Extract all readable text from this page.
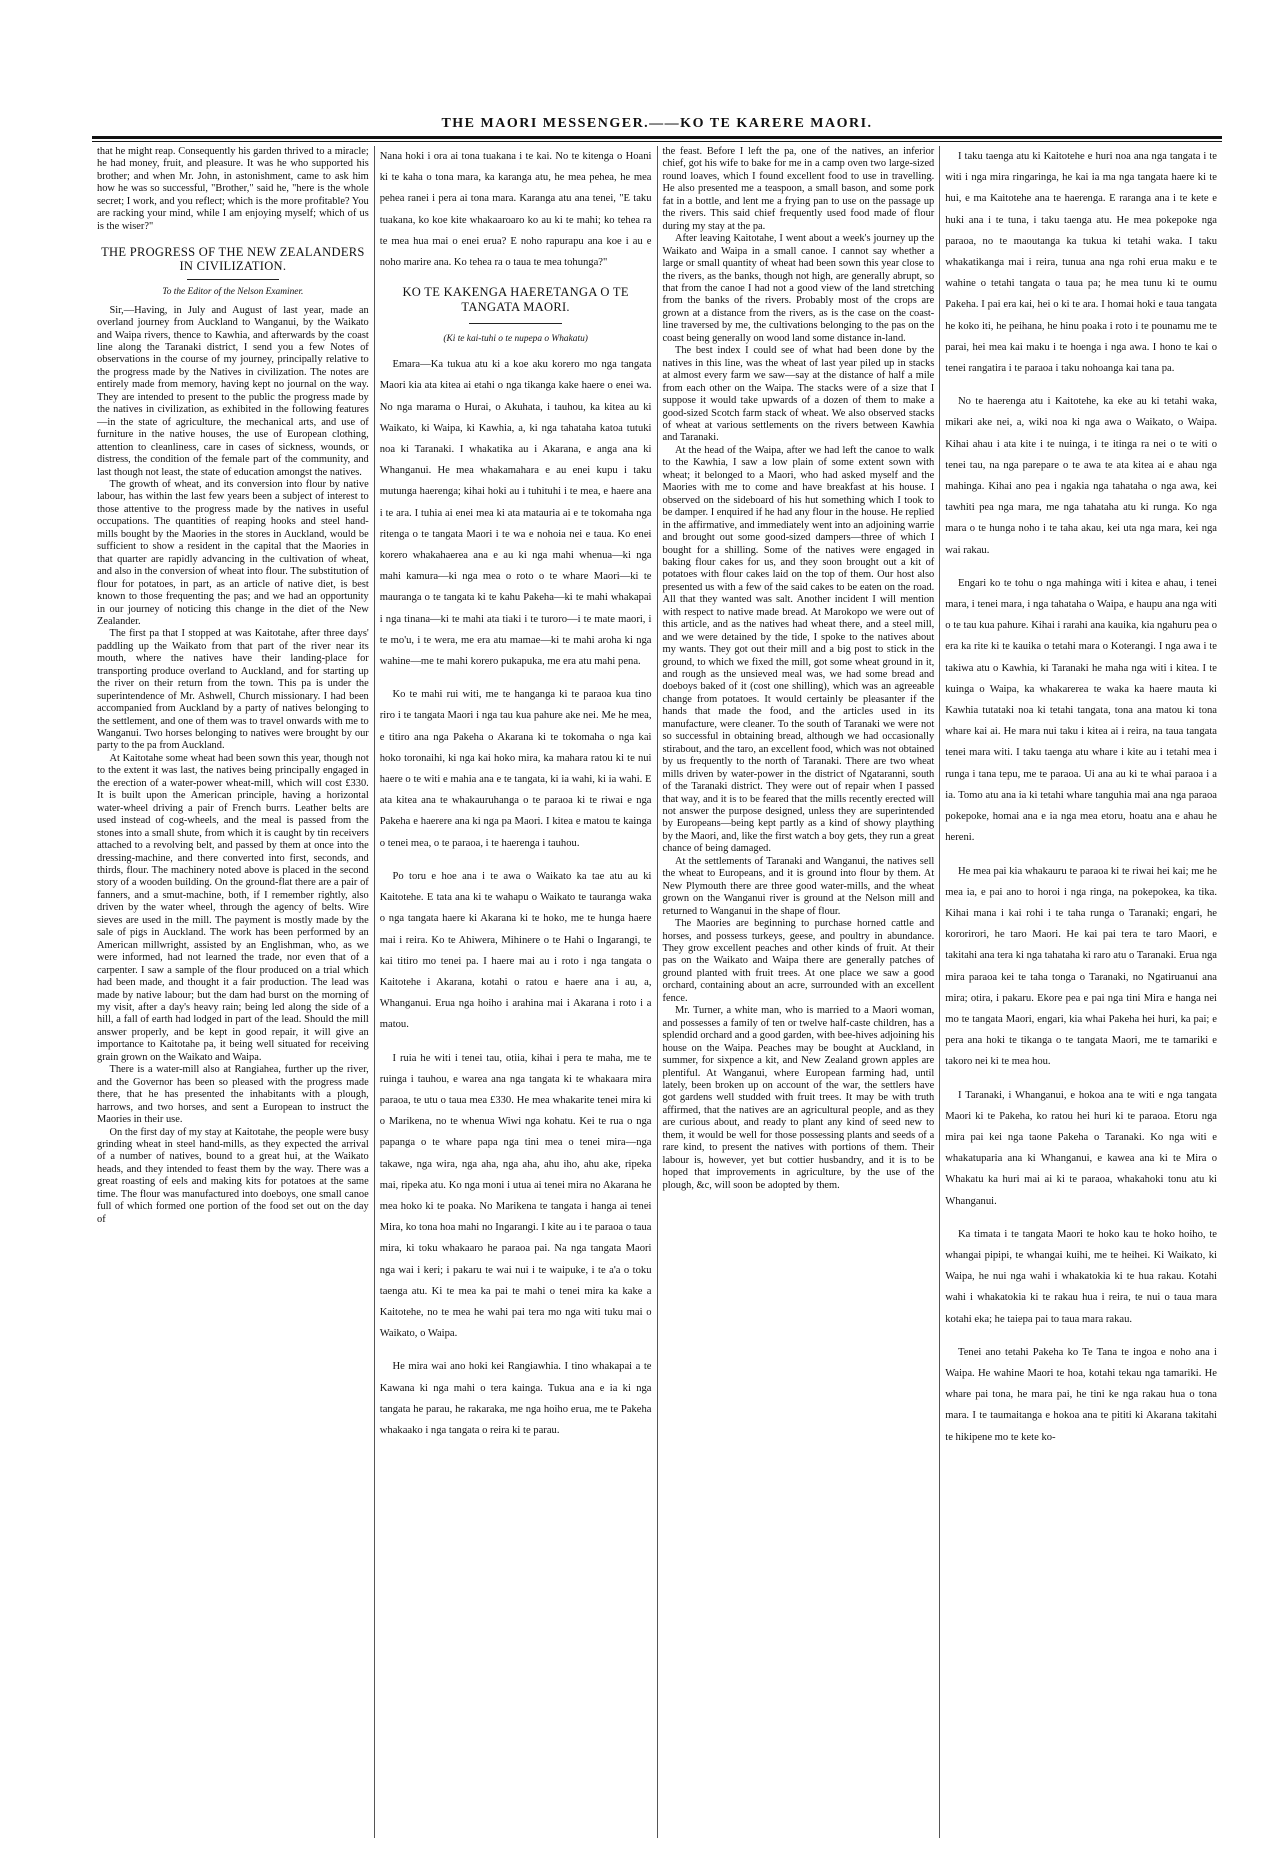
THE MAORI MESSENGER.——KO TE KARERE MAORI.

that he might reap. Consequently his garden thrived to a miracle; he had money, fruit, and pleasure. It was he who supported his brother; and when Mr. John, in astonishment, came to ask him how he was so successful, "Brother," said he, "here is the whole secret; I work, and you reflect; which is the more profitable? You are racking your mind, while I am enjoying myself; which of us is the wiser?"

THE PROGRESS OF THE NEW ZEALANDERS IN CIVILIZATION.
To the Editor of the Nelson Examiner.

Sir,—Having, in July and August of last year, made an overland journey from Auckland to Wanganui, by the Waikato and Waipa rivers, thence to Kawhia, and afterwards by the coast line along the Taranaki district, I send you a few Notes of observations in the course of my journey, principally relative to the progress made by the Natives in civilization. The notes are entirely made from memory, having kept no journal on the way. They are intended to present to the public the progress made by the natives in civilization, as exhibited in the following features—in the state of agriculture, the mechanical arts, and use of furniture in the native houses, the use of European clothing, attention to cleanliness, care in cases of sickness, wounds, or distress, the condition of the female part of the community, and last though not least, the state of education amongst the natives.

The growth of wheat, and its conversion into flour by native labour, has within the last few years been a subject of interest to those attentive to the progress made by the natives in useful occupations. The quantities of reaping hooks and steel hand-mills bought by the Maories in the stores in Auckland, would be sufficient to show a resident in the capital that the Maories in that quarter are rapidly advancing in the cultivation of wheat, and also in the conversion of wheat into flour. The substitution of flour for potatoes, in part, as an article of native diet, is best known to those frequenting the pas; and we had an opportunity in our journey of noticing this change in the diet of the New Zealander.

The first pa that I stopped at was Kaitotahe, after three days' paddling up the Waikato from that part of the river near its mouth, where the natives have their landing-place for transporting produce overland to Auckland, and for starting up the river on their return from the town. This pa is under the superintendence of Mr. Ashwell, Church missionary. I had been accompanied from Auckland by a party of natives belonging to the settlement, and one of them was to travel onwards with me to Wanganui. Two horses belonging to natives were brought by our party to the pa from Auckland.

At Kaitotahe some wheat had been sown this year, though not to the extent it was last, the natives being principally engaged in the erection of a water-power wheat-mill, which will cost £330. It is built upon the American principle, having a horizontal water-wheel driving a pair of French burrs. Leather belts are used instead of cog-wheels, and the meal is passed from the stones into a small shute, from which it is caught by tin receivers attached to a revolving belt, and passed by them at once into the dressing-machine, and there converted into first, seconds, and thirds, flour. The machinery noted above is placed in the second story of a wooden building. On the ground-flat there are a pair of fanners, and a smut-machine, both, if I remember rightly, also driven by the water wheel, through the agency of belts. Wire sieves are used in the mill. The payment is mostly made by the sale of pigs in Auckland. The work has been performed by an American millwright, assisted by an Englishman, who, as we were informed, had not learned the trade, nor even that of a carpenter. I saw a sample of the flour produced on a trial which had been made, and thought it a fair production. The lead was made by native labour; but the dam had burst on the morning of my visit, after a day's heavy rain; being led along the side of a hill, a fall of earth had lodged in part of the lead. Should the mill answer properly, and be kept in good repair, it will give an importance to Kaitotahe pa, it being well situated for receiving grain grown on the Waikato and Waipa.

There is a water-mill also at Rangiahea, further up the river, and the Governor has been so pleased with the progress made there, that he has presented the inhabitants with a plough, harrows, and two horses, and sent a European to instruct the Maories in their use.

On the first day of my stay at Kaitotahe, the people were busy grinding wheat in steel hand-mills, as they expected the arrival of a number of natives, bound to a great hui, at the Waikato heads, and they intended to feast them by the way. There was a great roasting of eels and making kits for potatoes at the same time. The flour was manufactured into doeboys, one small canoe full of which formed one portion of the food set out on the day of

Nana hoki i ora ai tona tuakana i te kai. No te kitenga o Hoani ki te kaha o tona mara, ka karanga atu, he mea pehea, he mea pehea ranei i pera ai tona mara. Karanga atu ana tenei, "E taku tuakana, ko koe kite whakaaroaro ko au ki te mahi; ko tehea ra te mea hua mai o enei erua? E noho rapurapu ana koe i au e noho marire ana. Ko tehea ra o taua te mea tohunga?"

KO TE KAKENGA HAERETANGA O TE TANGATA MAORI.
(Ki te kai-tuhi o te nupepa o Whakatu)

Emara—Ka tukua atu ki a koe aku korero mo nga tangata Maori kia ata kitea ai etahi o nga tikanga kake haere o enei wa. No nga marama o Hurai, o Akuhata, i tauhou, ka kitea au ki Waikato, ki Waipa, ki Kawhia, a, ki nga tahataha katoa tutuki noa ki Taranaki. I whakatika au i Akarana, e anga ana ki Whanganui. He mea whakamahara e au enei kupu i taku mutunga haerenga; kihai hoki au i tuhituhi i te mea, e haere ana i te ara. I tuhia ai enei mea ki ata matauria ai e te tokomaha nga ritenga o te tangata Maori i te wa e nohoia nei e taua. Ko enei korero whakahaerea ana e au ki nga mahi whenua—ki nga mahi kamura—ki nga mea o roto o te whare Maori—ki te mauranga o te tangata ki te kahu Pakeha—ki te mahi whakapai i nga tinana—ki te mahi ata tiaki i te turoro—i te mate maori, i te mo'u, i te wera, me era atu mamae—ki te mahi aroha ki nga wahine—me te mahi korero pukapuka, me era atu mahi pena.

Ko te mahi rui witi, me te hanganga ki te paraoa kua tino riro i te tangata Maori i nga tau kua pahure ake nei. Me he mea, e titiro ana nga Pakeha o Akarana ki te tokomaha o nga kai hoko toronaihi, ki nga kai hoko mira, ka mahara ratou ki te nui haere o te witi e mahia ana e te tangata, ki ia wahi, ki ia wahi. E ata kitea ana te whakauruhanga o te paraoa ki te riwai e nga Pakeha e haerere ana ki nga pa Maori. I kitea e matou te kainga o tenei mea, o te paraoa, i te haerenga i tauhou.

Po toru e hoe ana i te awa o Waikato ka tae atu au ki Kaitotehe. E tata ana ki te wahapu o Waikato te tauranga waka o nga tangata haere ki Akarana ki te hoko, me te hunga haere mai i reira. Ko te Ahiwera, Mihinere o te Hahi o Ingarangi, te kai titiro mo tenei pa. I haere mai au i roto i nga tangata o Kaitotehe i Akarana, kotahi o ratou e haere ana i au, a, Whanganui. Erua nga hoiho i arahina mai i Akarana i roto i a matou.

I ruia he witi i tenei tau, otiia, kihai i pera te maha, me te ruinga i tauhou, e warea ana nga tangata ki te whakaara mira paraoa, te utu o taua mea £330. He mea whakarite tenei mira ki o Marikena, no te whenua Wiwi nga kohatu. Kei te rua o nga papanga o te whare papa nga tini mea o tenei mira—nga takawe, nga wira, nga aha, nga aha, ahu iho, ahu ake, ripeka mai, ripeka atu. Ko nga moni i utua ai tenei mira no Akarana he mea hoko ki te poaka. No Marikena te tangata i hanga ai tenei Mira, ko tona hoa mahi no Ingarangi. I kite au i te paraoa o taua mira, ki toku whakaaro he paraoa pai. Na nga tangata Maori nga wai i keri; i pakaru te wai nui i te waipuke, i te a'a o toku taenga atu. Ki te mea ka pai te mahi o tenei mira ka kake a Kaitotehe, no te mea he wahi pai tera mo nga witi tuku mai o Waikato, o Waipa.

He mira wai ano hoki kei Rangiawhia. I tino whakapai a te Kawana ki nga mahi o tera kainga. Tukua ana e ia ki nga tangata he parau, he rakaraka, me nga hoiho erua, me te Pakeha whakaako i nga tangata o reira ki te parau.

the feast. Before I left the pa, one of the natives, an inferior chief, got his wife to bake for me in a camp oven two large-sized round loaves, which I found excellent food to use in travelling. He also presented me a teaspoon, a small bason, and some pork fat in a bottle, and lent me a frying pan to use on the passage up the rivers. This said chief frequently used food made of flour during my stay at the pa.

After leaving Kaitotahe, I went about a week's journey up the Waikato and Waipa in a small canoe. I cannot say whether a large or small quantity of wheat had been sown this year close to the rivers, as the banks, though not high, are generally abrupt, so that from the canoe I had not a good view of the land stretching from the banks of the rivers. Probably most of the crops are grown at a distance from the rivers, as is the case on the coast-line traversed by me, the cultivations belonging to the pas on the coast being generally on wood land some distance in-land.

The best index I could see of what had been done by the natives in this line, was the wheat of last year piled up in stacks at almost every farm we saw—say at the distance of half a mile from each other on the Waipa. The stacks were of a size that I suppose it would take upwards of a dozen of them to make a good-sized Scotch farm stack of wheat. We also observed stacks of wheat at various settlements on the rivers between Kawhia and Taranaki.

At the head of the Waipa, after we had left the canoe to walk to the Kawhia, I saw a low plain of some extent sown with wheat; it belonged to a Maori, who had asked myself and the Maories with me to come and have breakfast at his house. I observed on the sideboard of his hut something which I took to be damper. I enquired if he had any flour in the house. He replied in the affirmative, and immediately went into an adjoining warrie and brought out some good-sized dampers—three of which I bought for a shilling. Some of the natives were engaged in baking flour cakes for us, and they soon brought out a kit of potatoes with flour cakes laid on the top of them. Our host also presented us with a few of the said cakes to be eaten on the road. All that they wanted was salt. Another incident I will mention with respect to native made bread. At Marokopo we were out of this article, and as the natives had wheat there, and a steel mill, and we were detained by the tide, I spoke to the natives about my wants. They got out their mill and a big post to stick in the ground, to which we fixed the mill, got some wheat ground in it, and rough as the unsieved meal was, we had some bread and doeboys baked of it (cost one shilling), which was an agreeable change from potatoes. It would certainly be pleasanter if the hands that made the food, and the articles used in its manufacture, were cleaner. To the south of Taranaki we were not so successful in obtaining bread, although we had occasionally stirabout, and the taro, an excellent food, which was not obtained by us frequently to the north of Taranaki. There are two wheat mills driven by water-power in the district of Ngataranni, south of the Taranaki district. They were out of repair when I passed that way, and it is to be feared that the mills recently erected will not answer the purpose designed, unless they are superintended by Europeans—being kept partly as a kind of showy plaything by the Maori, and, like the first watch a boy gets, they run a great chance of being damaged.

At the settlements of Taranaki and Wanganui, the natives sell the wheat to Europeans, and it is ground into flour by them. At New Plymouth there are three good water-mills, and the wheat grown on the Wanganui river is ground at the Nelson mill and returned to Wanganui in the shape of flour.

The Maories are beginning to purchase horned cattle and horses, and possess turkeys, geese, and poultry in abundance. They grow excellent peaches and other kinds of fruit. At their pas on the Waikato and Waipa there are generally patches of ground planted with fruit trees. At one place we saw a good orchard, containing about an acre, surrounded with an excellent fence.

Mr. Turner, a white man, who is married to a Maori woman, and possesses a family of ten or twelve half-caste children, has a splendid orchard and a good garden, with bee-hives adjoining his house on the Waipa. Peaches may be bought at Auckland, in summer, for sixpence a kit, and New Zealand grown apples are plentiful. At Wanganui, where European farming had, until lately, been broken up on account of the war, the settlers have got gardens well studded with fruit trees. It may be with truth affirmed, that the natives are an agricultural people, and as they are curious about, and ready to plant any kind of seed new to them, it would be well for those possessing plants and seeds of a rare kind, to present the natives with portions of them. Their labour is, however, yet but cottier husbandry, and it is to be hoped that improvements in agriculture, by the use of the plough, &c, will soon be adopted by them.

I taku taenga atu ki Kaitotehe e huri noa ana nga tangata i te witi i nga mira ringaringa, he kai ia ma nga tangata haere ki te hui, e ma Kaitotehe ana te haerenga. E raranga ana i te kete e huki ana i te tuna, i taku taenga atu. He mea pokepoke nga paraoa, no te maoutanga ka tukua ki tetahi waka. I taku whakatikanga mai i reira, tunua ana nga rohi erua maku e te wahine o tetahi tangata o taua pa; he mea tunu ki te oumu Pakeha. I pai era kai, hei o ki te ara. I homai hoki e taua tangata he koko iti, he peihana, he hinu poaka i roto i te pounamu me te parai, hei mea kai maku i te hoenga i nga awa. I hono te kai o tenei rangatira i te paraoa i taku nohoanga kai tana pa.

No te haerenga atu i Kaitotehe, ka eke au ki tetahi waka, mikari ake nei, a, wiki noa ki nga awa o Waikato, o Waipa. Kihai ahau i ata kite i te nuinga, i te itinga ra nei o te witi o tenei tau, na nga parepare o te awa te ata kitea ai e ahau nga mahinga. Kihai ano pea i ngakia nga tahataha o nga awa, kei tawhiti pea nga mara, me nga tahataha atu ki runga. Ko nga mara o te hunga noho i te taha akau, kei uta nga mara, kei nga wai rakau.

Engari ko te tohu o nga mahinga witi i kitea e ahau, i tenei mara, i tenei mara, i nga tahataha o Waipa, e haupu ana nga witi o te tau kua pahure. Kihai i rarahi ana kauika, kia ngahuru pea o era ka rite ki te kauika o tetahi mara o Koterangi. I nga awa i te takiwa atu o Kawhia, ki Taranaki he maha nga witi i kitea. I te kuinga o Waipa, ka whakarerea te waka ka haere mauta ki Kawhia tutataki noa ki tetahi tangata, tona ana matou ki tona whare kai ai. He mara nui taku i kitea ai i reira, na taua tangata tenei mara witi. I taku taenga atu whare i kite au i tetahi mea i runga i tana tepu, me te paraoa. Ui ana au ki te whai paraoa i a ia. Tomo atu ana ia ki tetahi whare tanguhia mai ana nga paraoa pokepoke, homai ana e ia nga mea etoru, hoatu ana e ahau he hereni.

He mea pai kia whakauru te paraoa ki te riwai hei kai; me he mea ia, e pai ano to horoi i nga ringa, na pokepokea, ka tika. Kihai mana i kai rohi i te taha runga o Taranaki; engari, he kororirori, he taro Maori. He kai pai tera te taro Maori, e takitahi ana tera ki nga tahataha ki raro atu o Taranaki. Erua nga mira paraoa kei te taha tonga o Taranaki, no Ngatiruanui ana mira; otira, i pakaru. Ekore pea e pai nga tini Mira e hanga nei mo te tangata Maori, engari, kia whai Pakeha hei huri, ka pai; e pera ana hoki te tikanga o te tangata Maori, me te tamariki e takoro nei ki te mea hou.

I Taranaki, i Whanganui, e hokoa ana te witi e nga tangata Maori ki te Pakeha, ko ratou hei huri ki te paraoa. Etoru nga mira pai kei nga taone Pakeha o Taranaki. Ko nga witi e whakatuparia ana ki Whanganui, e kawea ana ki te Mira o Whakatu ka huri mai ai ki te paraoa, whakahoki tonu atu ki Whanganui.

Ka timata i te tangata Maori te hoko kau te hoko hoiho, te whangai pipipi, te whangai kuihi, me te heihei. Ki Waikato, ki Waipa, he nui nga wahi i whakatokia ki te hua rakau. Kotahi wahi i whakatokia ki te rakau hua i reira, te nui o taua mara kotahi eka; he taiepa pai to taua mara rakau.

Tenei ano tetahi Pakeha ko Te Tana te ingoa e noho ana i Waipa. He wahine Maori te hoa, kotahi tekau nga tamariki. He whare pai tona, he mara pai, he tini ke nga rakau hua o tona mara. I te taumaitanga e hokoa ana te pititi ki Akarana takitahi te hikipene mo te kete ko-
